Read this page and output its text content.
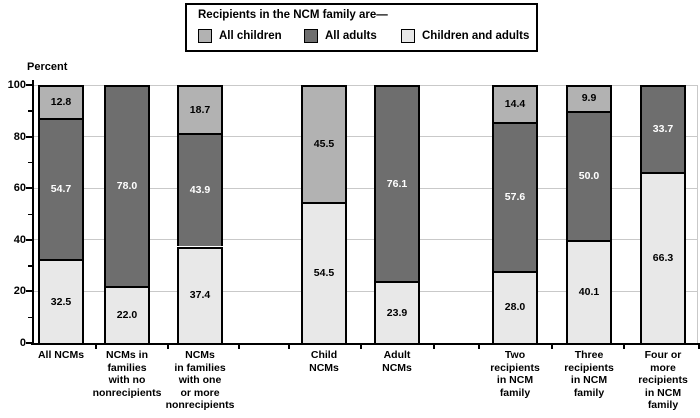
Recipients in the NCM family are—
All children	All adults	Children and adults
Percent
32.5
54.7
12.8
22.0
78.0
37.4
43.9
18.7
54.5
45.5
23.9
76.1
28.0
57.6
14.4
40.1
50.0
9.9
66.3
33.7
0
20
40
60
80
100
All NCMs	NCMs in
families
with no
nonrecipients
NCMs
in families
with one
or more
nonrecipients
Child
NCMs
Adult
NCMs
Two
recipients
in NCM
family
Three
recipients
in NCM
family
Four or
more
recipients
in NCM
family
